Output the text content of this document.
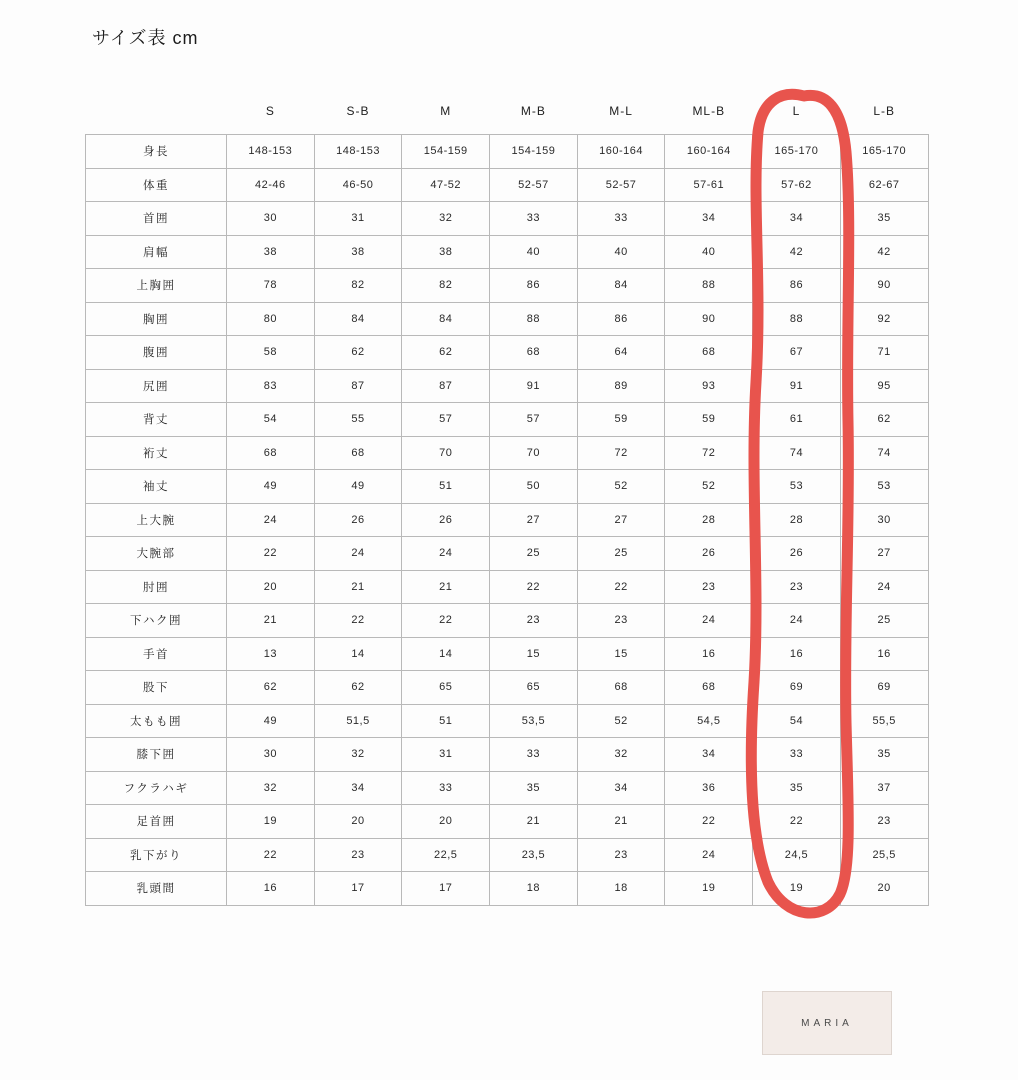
サイズ表 cm
	S	S-B	M	M-B	M-L	ML-B	L	L-B
身長	148-153	148-153	154-159	154-159	160-164	160-164	165-170	165-170
体重	42-46	46-50	47-52	52-57	52-57	57-61	57-62	62-67
首囲	30	31	32	33	33	34	34	35
肩幅	38	38	38	40	40	40	42	42
上胸囲	78	82	82	86	84	88	86	90
胸囲	80	84	84	88	86	90	88	92
腹囲	58	62	62	68	64	68	67	71
尻囲	83	87	87	91	89	93	91	95
背丈	54	55	57	57	59	59	61	62
裄丈	68	68	70	70	72	72	74	74
袖丈	49	49	51	50	52	52	53	53
上大腕	24	26	26	27	27	28	28	30
大腕部	22	24	24	25	25	26	26	27
肘囲	20	21	21	22	22	23	23	24
下ハク囲	21	22	22	23	23	24	24	25
手首	13	14	14	15	15	16	16	16
股下	62	62	65	65	68	68	69	69
太もも囲	49	51,5	51	53,5	52	54,5	54	55,5
膝下囲	30	32	31	33	32	34	33	35
フクラハギ	32	34	33	35	34	36	35	37
足首囲	19	20	20	21	21	22	22	23
乳下がり	22	23	22,5	23,5	23	24	24,5	25,5
乳頭間	16	17	17	18	18	19	19	20
MARIA
